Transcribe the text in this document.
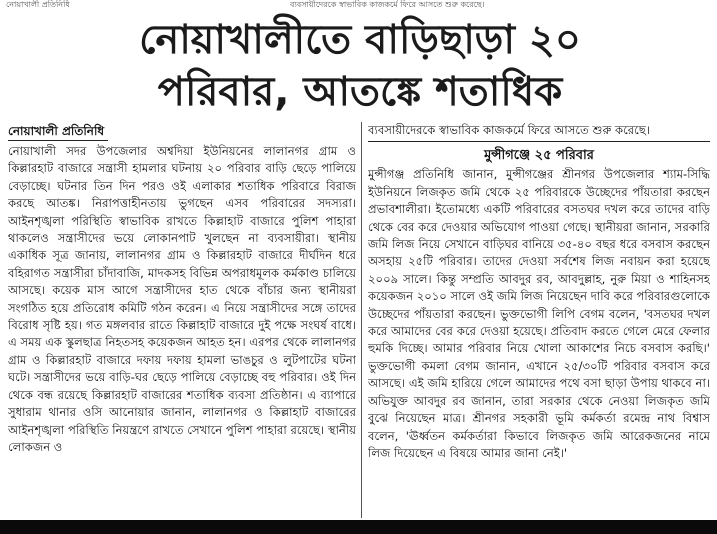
নোয়াখালী প্রতিনিধি	ব্যবসায়ীদেরকে স্বাভাবিক কাজকর্মে ফিরে আসতে শুরু করেছে।
নোয়াখালীতে বাড়িছাড়া ২০
পরিবার, আতঙ্কে শতাধিক
নোয়াখালী প্রতিনিধি

নোয়াখালী সদর উপজেলার অশ্বদিয়া ইউনিয়নের লালানগর গ্রাম ও কিল্লারহাট বাজারে সন্ত্রাসী হামলার ঘটনায় ২০ পরিবার বাড়ি ছেড়ে পালিয়ে বেড়াচ্ছে। ঘটনার তিন দিন পরও ওই এলাকার শতাধিক পরিবারে বিরাজ করছে আতঙ্ক। নিরাপত্তাহীনতায় ভুগছেন এসব পরিবারের সদস্যরা। আইনশৃঙ্খলা পরিস্থিতি স্বাভাবিক রাখতে কিল্লাহাট বাজারে পুলিশ পাহারা থাকলেও সন্ত্রাসীদের ভয়ে লোকানপাট খুলছেন না ব্যবসায়ীরা। স্থানীয় একাধিক সূত্র জানায়, লালানগর গ্রাম ও কিল্লারহাট বাজারে দীর্ঘদিন ধরে বহিরাগত সন্ত্রাসীরা চাঁদাবাজি, মাদকসহ বিভিন্ন অপরাধমূলক কর্মকাণ্ড চালিয়ে আসছে। কয়েক মাস আগে সন্ত্রাসীদের হাত থেকে বাঁচার জন্য স্থানীয়রা সংগঠিত হয়ে প্রতিরোধ কমিটি গঠন করেন। এ নিয়ে সন্ত্রাসীদের সঙ্গে তাদের বিরোধ সৃষ্টি হয়। গত মঙ্গলবার রাতে কিল্লাহাট বাজারে দুই পক্ষে সংঘর্ষ বাধে। এ সময় এক স্কুলছাত্র নিহতসহ কয়েকজন আহত হন। এরপর থেকে লালানগর গ্রাম ও কিল্লারহাট বাজারে দফায় দফায় হামলা ভাঙচুর ও লুটপাটের ঘটনা ঘটে। সন্ত্রাসীদের ভয়ে বাড়ি-ঘর ছেড়ে পালিয়ে বেড়াচ্ছে বহু পরিবার। ওই দিন থেকে বন্ধ রয়েছে কিল্লারহাট বাজারের শতাধিক ব্যবসা প্রতিষ্ঠান। এ ব্যাপারে সুধারাম থানার ওসি আনোয়ার জানান, লালানগর ও কিল্লাহাট বাজারের আইনশৃঙ্খলা পরিস্থিতি নিয়ন্ত্রণে রাখতে সেখানে পুলিশ পাহারা রয়েছে। স্থানীয় লোকজন ও

ব্যবসায়ীদেরকে স্বাভাবিক কাজকর্মে ফিরে আসতে শুরু করেছে।

মুন্সীগঞ্জে ২৫ পরিবার

মুন্সীগঞ্জ প্রতিনিধি জানান, মুন্সীগঞ্জের শ্রীনগর উপজেলার শ্যাম-সিদ্ধি ইউনিয়নে লিজকৃত জমি থেকে ২৫ পরিবারকে উচ্ছেদের পাঁয়তারা করছেন প্রভাবশালীরা। ইতোমধ্যে একটি পরিবারের বসতঘর দখল করে তাদের বাড়ি থেকে বের করে দেওয়ার অভিযোগ পাওয়া গেছে। স্থানীয়রা জানান, সরকারি জমি লিজ নিয়ে সেখানে বাড়িঘর বানিয়ে ৩৫-৪০ বছর ধরে বসবাস করছেন অসহায় ২৫টি পরিবার। তাদের দেওয়া সর্বশেষ লিজ নবায়ন করা হয়েছে ২০০৯ সালে। কিন্তু সম্প্রতি আবদুর রব, আবদুল্লাহ, নুরু মিয়া ও শাহিনসহ কয়েকজন ২০১০ সালে ওই জমি লিজ নিয়েছেন দাবি করে পরিবারগুলোকে উচ্ছেদের পাঁয়তারা করছেন। ভুক্তভোগী লিপি বেগম বলেন, 'বসতঘর দখল করে আমাদের বের করে দেওয়া হয়েছে। প্রতিবাদ করতে গেলে মেরে ফেলার হুমকি দিচ্ছে। আমার পরিবার নিয়ে খোলা আকাশের নিচে বসবাস করছি।' ভুক্তভোগী কমলা বেগম জানান, এখানে ২৫/৩০টি পরিবার বসবাস করে আসছে। এই জমি হারিয়ে গেলে আমাদের পথে বসা ছাড়া উপায় থাকবে না। অভিযুক্ত আবদুর রব জানান, তারা সরকার থেকে নেওয়া লিজকৃত জমি বুঝে নিয়েছেন মাত্র। শ্রীনগর সহকারী ভূমি কর্মকর্তা রমেন্দ্র নাথ বিশ্বাস বলেন, 'ঊর্ধ্বতন কর্মকর্তারা কিভাবে লিজকৃত জমি আরেকজনের নামে লিজ দিয়েছেন এ বিষয়ে আমার জানা নেই।'
